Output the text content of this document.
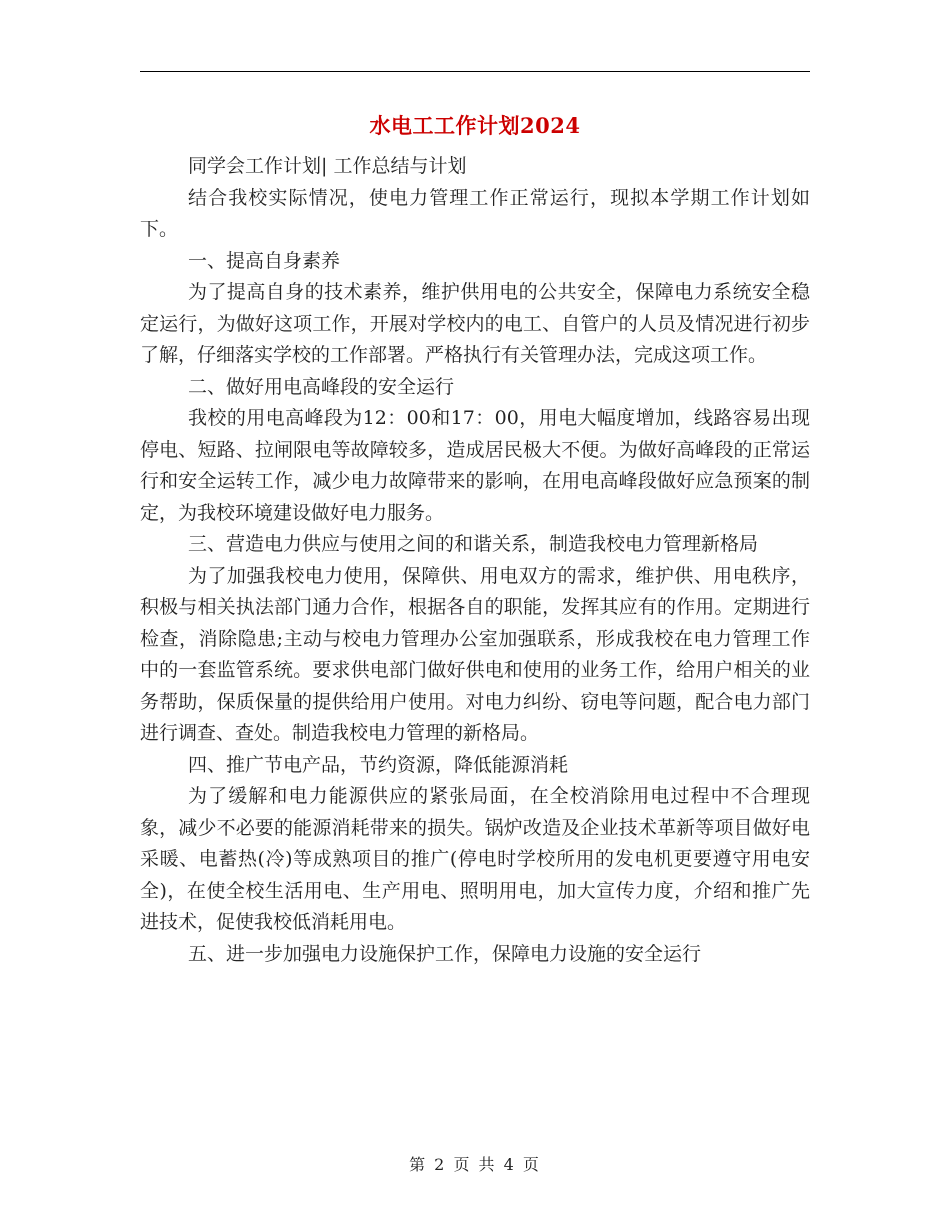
水电工工作计划2024

同学会工作计划| 工作总结与计划

结合我校实际情况，使电力管理工作正常运行，现拟本学期工作计划如下。

一、提高自身素养

为了提高自身的技术素养，维护供用电的公共安全，保障电力系统安全稳定运行，为做好这项工作，开展对学校内的电工、自管户的人员及情况进行初步了解，仔细落实学校的工作部署。严格执行有关管理办法，完成这项工作。

二、做好用电高峰段的安全运行

我校的用电高峰段为12：00和17：00，用电大幅度增加，线路容易出现停电、短路、拉闸限电等故障较多，造成居民极大不便。为做好高峰段的正常运行和安全运转工作，减少电力故障带来的影响，在用电高峰段做好应急预案的制定，为我校环境建设做好电力服务。

三、营造电力供应与使用之间的和谐关系，制造我校电力管理新格局

为了加强我校电力使用，保障供、用电双方的需求，维护供、用电秩序，积极与相关执法部门通力合作，根据各自的职能，发挥其应有的作用。定期进行检查，消除隐患;主动与校电力管理办公室加强联系，形成我校在电力管理工作中的一套监管系统。要求供电部门做好供电和使用的业务工作，给用户相关的业务帮助，保质保量的提供给用户使用。对电力纠纷、窃电等问题，配合电力部门进行调查、查处。制造我校电力管理的新格局。

四、推广节电产品，节约资源，降低能源消耗

为了缓解和电力能源供应的紧张局面，在全校消除用电过程中不合理现象，减少不必要的能源消耗带来的损失。锅炉改造及企业技术革新等项目做好电采暖、电蓄热(冷)等成熟项目的推广(停电时学校所用的发电机更要遵守用电安全)，在使全校生活用电、生产用电、照明用电，加大宣传力度，介绍和推广先进技术，促使我校低消耗用电。

五、进一步加强电力设施保护工作，保障电力设施的安全运行

第 2 页 共 4 页
